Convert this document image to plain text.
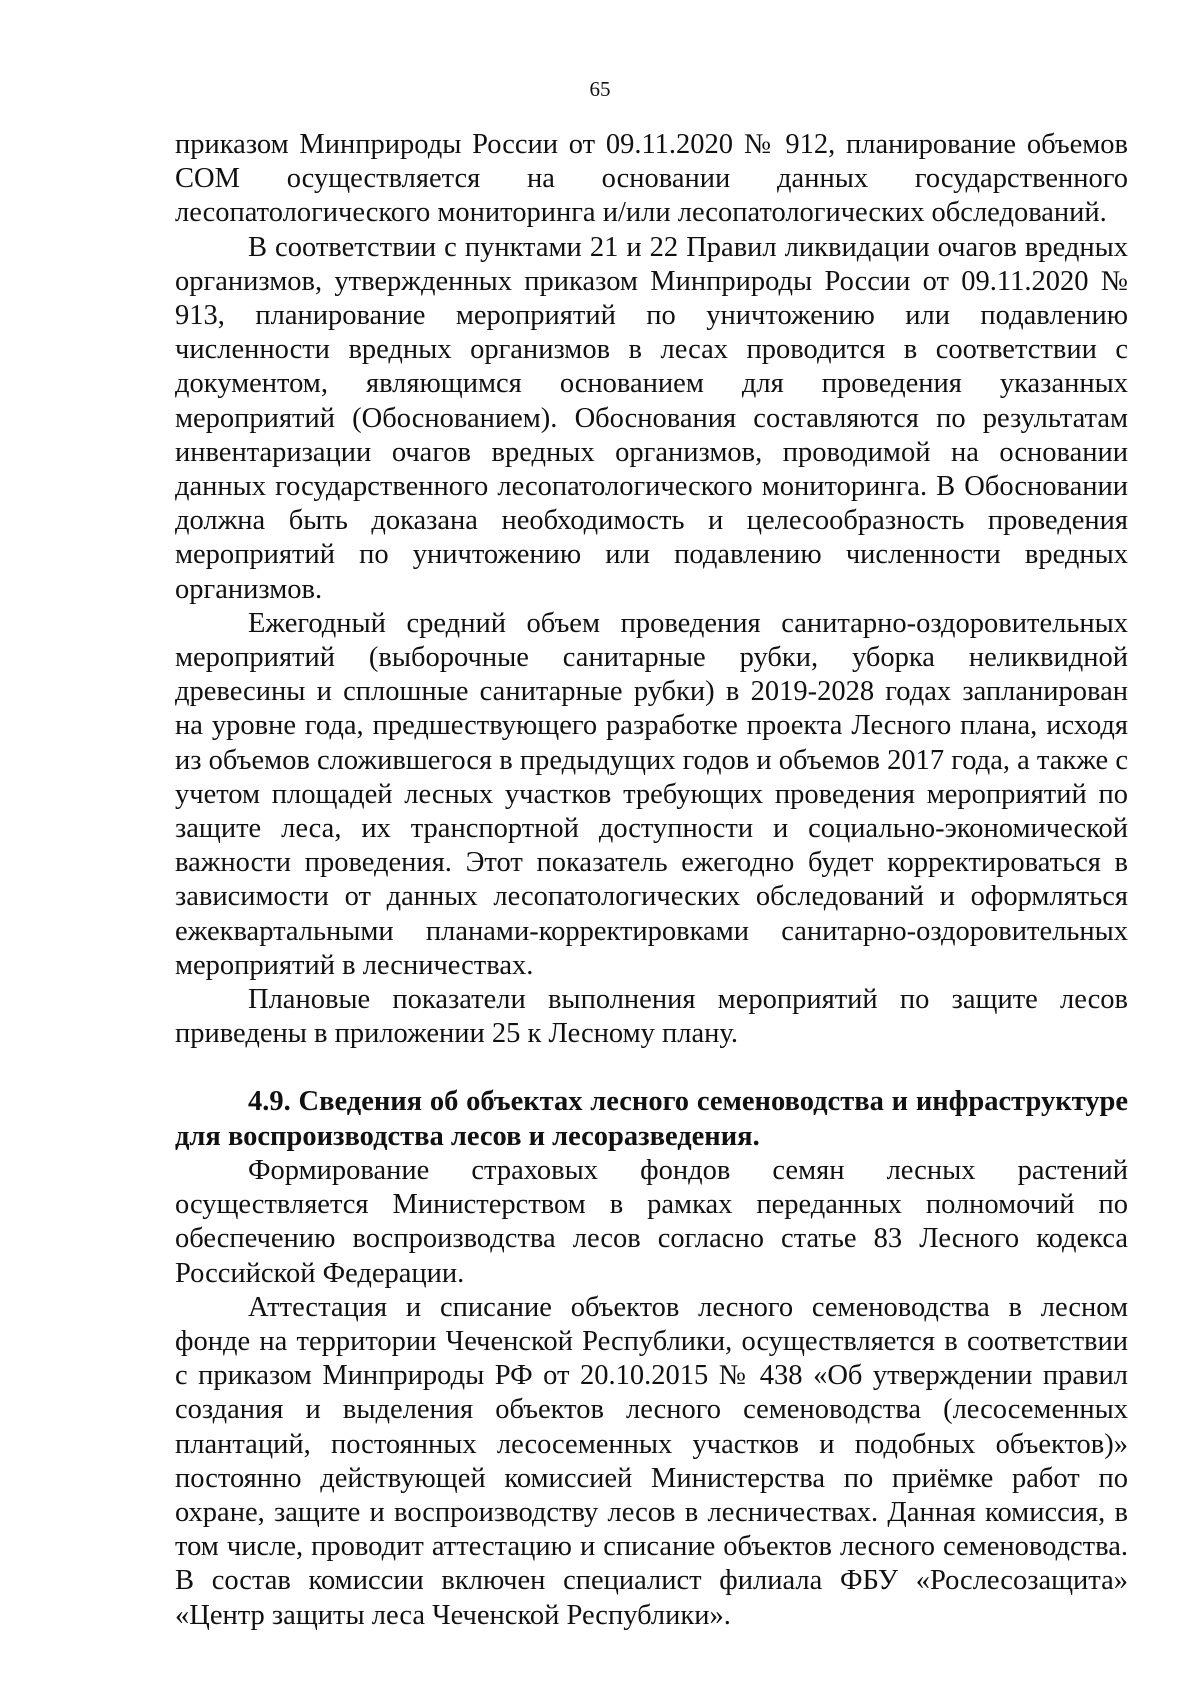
65

приказом Минприроды России от 09.11.2020 № 912, планирование объемов СОМ осуществляется на основании данных государственного лесопатологического мониторинга и/или лесопатологических обследований.

В соответствии с пунктами 21 и 22 Правил ликвидации очагов вредных организмов, утвержденных приказом Минприроды России от 09.11.2020 № 913, планирование мероприятий по уничтожению или подавлению численности вредных организмов в лесах проводится в соответствии с документом, являющимся основанием для проведения указанных мероприятий (Обоснованием). Обоснования составляются по результатам инвентаризации очагов вредных организмов, проводимой на основании данных государственного лесопатологического мониторинга. В Обосновании должна быть доказана необходимость и целесообразность проведения мероприятий по уничтожению или подавлению численности вредных организмов.

Ежегодный средний объем проведения санитарно-оздоровительных мероприятий (выборочные санитарные рубки, уборка неликвидной древесины и сплошные санитарные рубки) в 2019-2028 годах запланирован на уровне года, предшествующего разработке проекта Лесного плана, исходя из объемов сложившегося в предыдущих годов и объемов 2017 года, а также с учетом площадей лесных участков требующих проведения мероприятий по защите леса, их транспортной доступности и социально-экономической важности проведения. Этот показатель ежегодно будет корректироваться в зависимости от данных лесопатологических обследований и оформляться ежеквартальными планами-корректировками санитарно-оздоровительных мероприятий в лесничествах.

Плановые показатели выполнения мероприятий по защите лесов приведены в приложении 25 к Лесному плану.

4.9. Сведения об объектах лесного семеноводства и инфраструктуре для воспроизводства лесов и лесоразведения.

Формирование страховых фондов семян лесных растений осуществляется Министерством в рамках переданных полномочий по обеспечению воспроизводства лесов согласно статье 83 Лесного кодекса Российской Федерации.

Аттестация и списание объектов лесного семеноводства в лесном фонде на территории Чеченской Республики, осуществляется в соответствии с приказом Минприроды РФ от 20.10.2015 № 438 «Об утверждении правил создания и выделения объектов лесного семеноводства (лесосеменных плантаций, постоянных лесосеменных участков и подобных объектов)» постоянно действующей комиссией Министерства по приёмке работ по охране, защите и воспроизводству лесов в лесничествах. Данная комиссия, в том числе, проводит аттестацию и списание объектов лесного семеноводства. В состав комиссии включен специалист филиала ФБУ «Рослесозащита» «Центр защиты леса Чеченской Республики».
